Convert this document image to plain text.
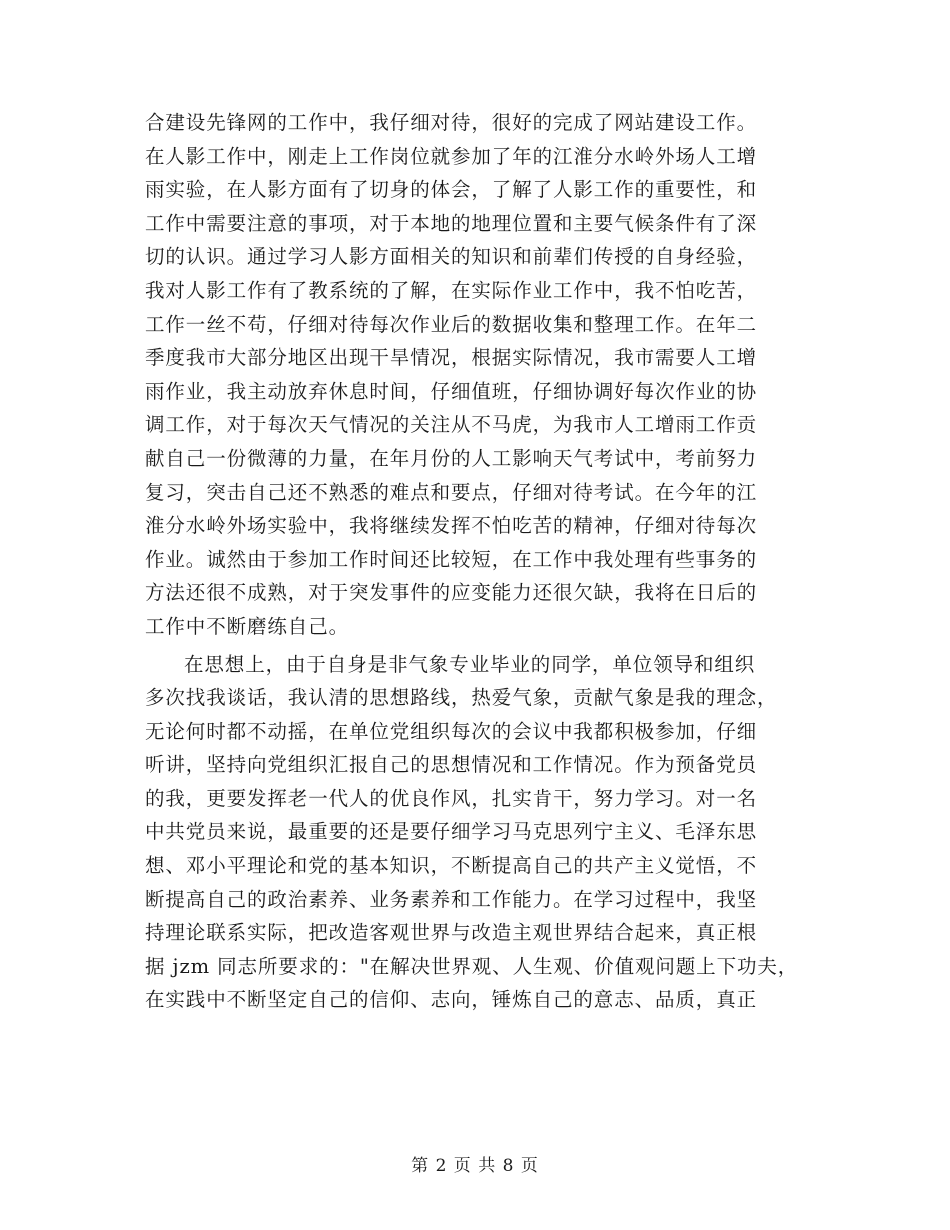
合建设先锋网的工作中，我仔细对待，很好的完成了网站建设工作。
在人影工作中，刚走上工作岗位就参加了年的江淮分水岭外场人工增
雨实验，在人影方面有了切身的体会，了解了人影工作的重要性，和
工作中需要注意的事项，对于本地的地理位置和主要气候条件有了深
切的认识。通过学习人影方面相关的知识和前辈们传授的自身经验，
我对人影工作有了教系统的了解，在实际作业工作中，我不怕吃苦，
工作一丝不苟，仔细对待每次作业后的数据收集和整理工作。在年二
季度我市大部分地区出现干旱情况，根据实际情况，我市需要人工增
雨作业，我主动放弃休息时间，仔细值班，仔细协调好每次作业的协
调工作，对于每次天气情况的关注从不马虎，为我市人工增雨工作贡
献自己一份微薄的力量，在年月份的人工影响天气考试中，考前努力
复习，突击自己还不熟悉的难点和要点，仔细对待考试。在今年的江
淮分水岭外场实验中，我将继续发挥不怕吃苦的精神，仔细对待每次
作业。诚然由于参加工作时间还比较短，在工作中我处理有些事务的
方法还很不成熟，对于突发事件的应变能力还很欠缺，我将在日后的
工作中不断磨练自己。
在思想上，由于自身是非气象专业毕业的同学，单位领导和组织
多次找我谈话，我认清的思想路线，热爱气象，贡献气象是我的理念，
无论何时都不动摇，在单位党组织每次的会议中我都积极参加，仔细
听讲，坚持向党组织汇报自己的思想情况和工作情况。作为预备党员
的我，更要发挥老一代人的优良作风，扎实肯干，努力学习。对一名
中共党员来说，最重要的还是要仔细学习马克思列宁主义、毛泽东思
想、邓小平理论和党的基本知识，不断提高自己的共产主义觉悟，不
断提高自己的政治素养、业务素养和工作能力。在学习过程中，我坚
持理论联系实际，把改造客观世界与改造主观世界结合起来，真正根
据 jzm 同志所要求的："在解决世界观、人生观、价值观问题上下功夫，
在实践中不断坚定自己的信仰、志向，锤炼自己的意志、品质，真正
第 2 页 共 8 页
